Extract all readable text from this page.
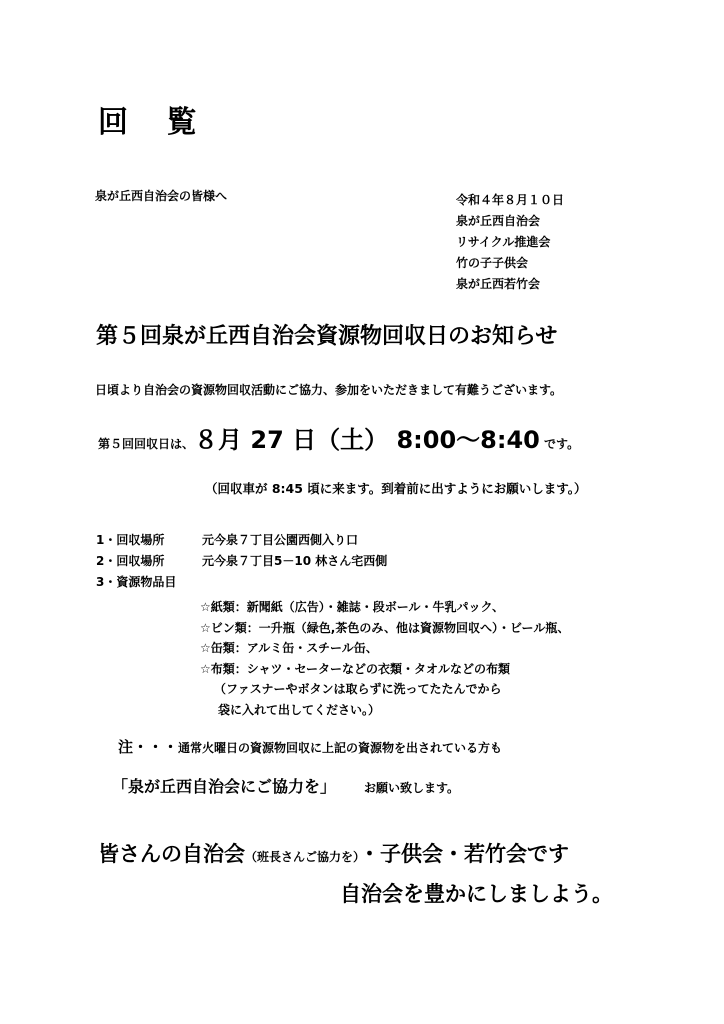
回 覧
泉が丘西自治会の皆様へ	令和４年８月１０日
泉が丘西自治会
リサイクル推進会
竹の子子供会
泉が丘西若竹会
第５回泉が丘西自治会資源物回収日のお知らせ
日頃より自治会の資源物回収活動にご協力、参加をいただきまして有難うございます。
第５回回収日は、８月 27 日（土） 8:00～8:40 です。
（回収車が 8:45 頃に来ます。到着前に出すようにお願いします。）
1・回収場所	元今泉７丁目公園西側入り口
2・回収場所	元今泉７丁目5－10 林さん宅西側
3・資源物品目
☆紙類：新聞紙（広告）・雑誌・段ボール・牛乳パック、
☆ビン類：一升瓶（緑色,茶色のみ、他は資源物回収へ）・ビール瓶、
☆缶類：アルミ缶・スチール缶、
☆布類：シャツ・セーターなどの衣類・タオルなどの布類
（ファスナーやボタンは取らずに洗ってたたんでから
袋に入れて出してください。）
注・・・通常火曜日の資源物回収に上記の資源物を出されている方も
「泉が丘西自治会にご協力を」 お願い致します。
皆さんの自治会（班長さんご協力を）・子供会・若竹会です
自治会を豊かにしましよう。
